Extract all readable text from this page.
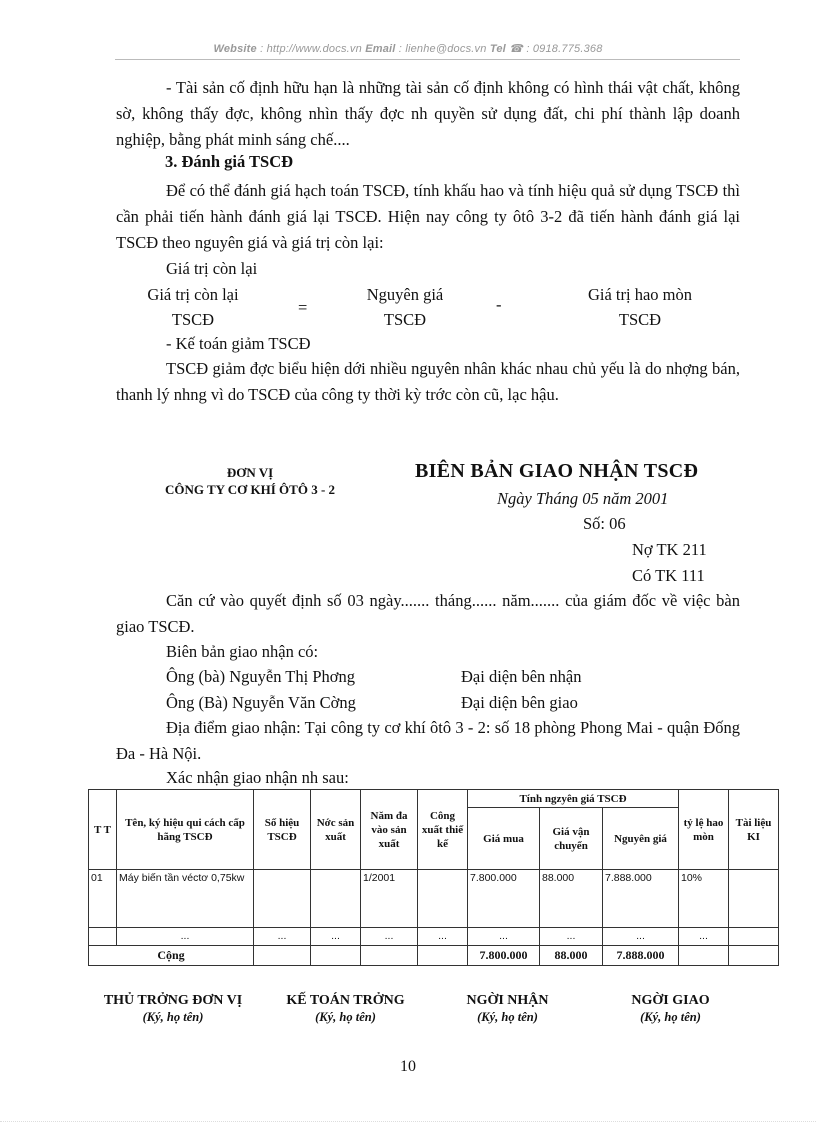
Website : http://www.docs.vn Email : lienhe@docs.vn Tel ☎ : 0918.775.368
- Tài sản cố định hữu hạn là những tài sản cố định không có hình thái vật chất, không sờ, không thấy đợc, không nhìn thấy đợc nh quyền sử dụng đất, chi phí thành lập doanh nghiệp, bằng phát minh sáng chế....
3. Đánh giá TSCĐ
Để có thể đánh giá hạch toán TSCĐ, tính khấu hao và tính hiệu quả sử dụng TSCĐ thì cần phải tiến hành đánh giá lại TSCĐ. Hiện nay công ty ôtô 3-2 đã tiến hành đánh giá lại TSCĐ theo nguyên giá và giá trị còn lại:
Giá trị còn lại
Giá trị còn lại
TSCĐ
=
Nguyên giá
TSCĐ
-
Giá trị hao mòn
TSCĐ
- Kế toán giảm TSCĐ
TSCĐ giảm đợc biểu hiện dới nhiều nguyên nhân khác nhau chủ yếu là do nhợng bán, thanh lý nhng vì do TSCĐ của công ty thời kỳ trớc còn cũ, lạc hậu.
ĐƠN VỊ
CÔNG TY CƠ KHÍ ÔTÔ 3 - 2
BIÊN BẢN GIAO NHẬN TSCĐ
Ngày Tháng 05 năm 2001
Số: 06
Nợ TK 211
Có TK 111
Căn cứ vào quyết định số 03 ngày....... tháng...... năm....... của giám đốc về việc bàn giao TSCĐ.
Biên bản giao nhận có:
Ông (bà) Nguyễn Thị Phơng	Đại diện bên nhận
Ông (Bà) Nguyễn Văn Cờng	Đại diện bên giao
Địa điểm giao nhận: Tại công ty cơ khí ôtô 3 - 2: số 18 phòng Phong Mai - quận Đống Đa - Hà Nội.
Xác nhận giao nhận nh sau:
T T	Tên, ký hiệu qui cách cấp hãng TSCĐ	Số hiệu TSCĐ	Nớc sản xuất	Năm đa vào sản xuất	Công xuất thiế kế	Tính ngzyên giá TSCĐ			tỷ lệ hao mòn	Tài liệu KI
						Giá mua	Giá vận chuyển	Nguyên giá		
01	Máy biến tần véctơ 0,75kw			1/2001		7.800.000	88.000	7.888.000	10%	
	...	...	...	...	...	...	...	...	...	
Cộng						7.800.000	88.000	7.888.000		
THỦ TRỞNG ĐƠN VỊ
(Ký, họ tên)
KẾ TOÁN TRỞNG
(Ký, họ tên)
NGỜI NHẬN
(Ký, họ tên)
NGỜI GIAO
(Ký, họ tên)
10
